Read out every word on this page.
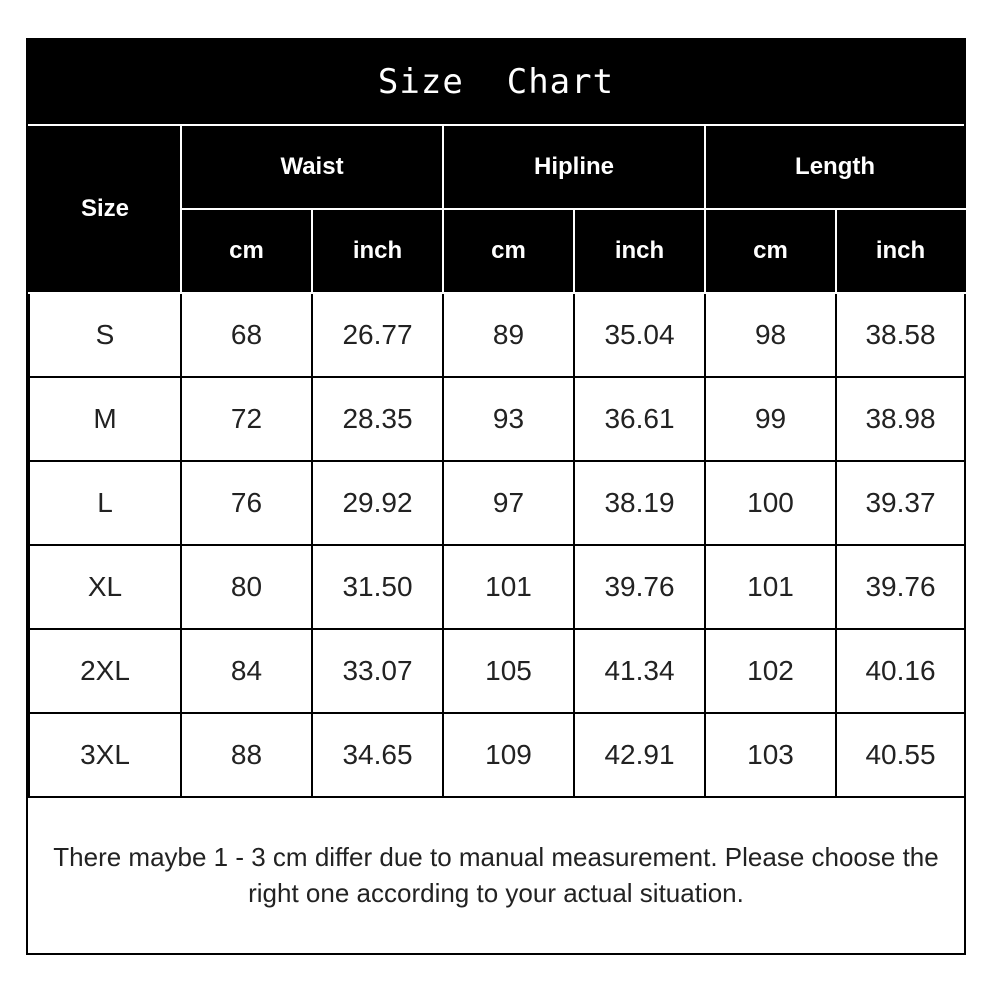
Size  Chart
Size	Waist		Hipline		Length	
	cm	inch	cm	inch	cm	inch
S	68	26.77	89	35.04	98	38.58
M	72	28.35	93	36.61	99	38.98
L	76	29.92	97	38.19	100	39.37
XL	80	31.50	101	39.76	101	39.76
2XL	84	33.07	105	41.34	102	40.16
3XL	88	34.65	109	42.91	103	40.55
There maybe 1 - 3 cm differ due to manual measurement. Please choose the right one according to your actual situation.
